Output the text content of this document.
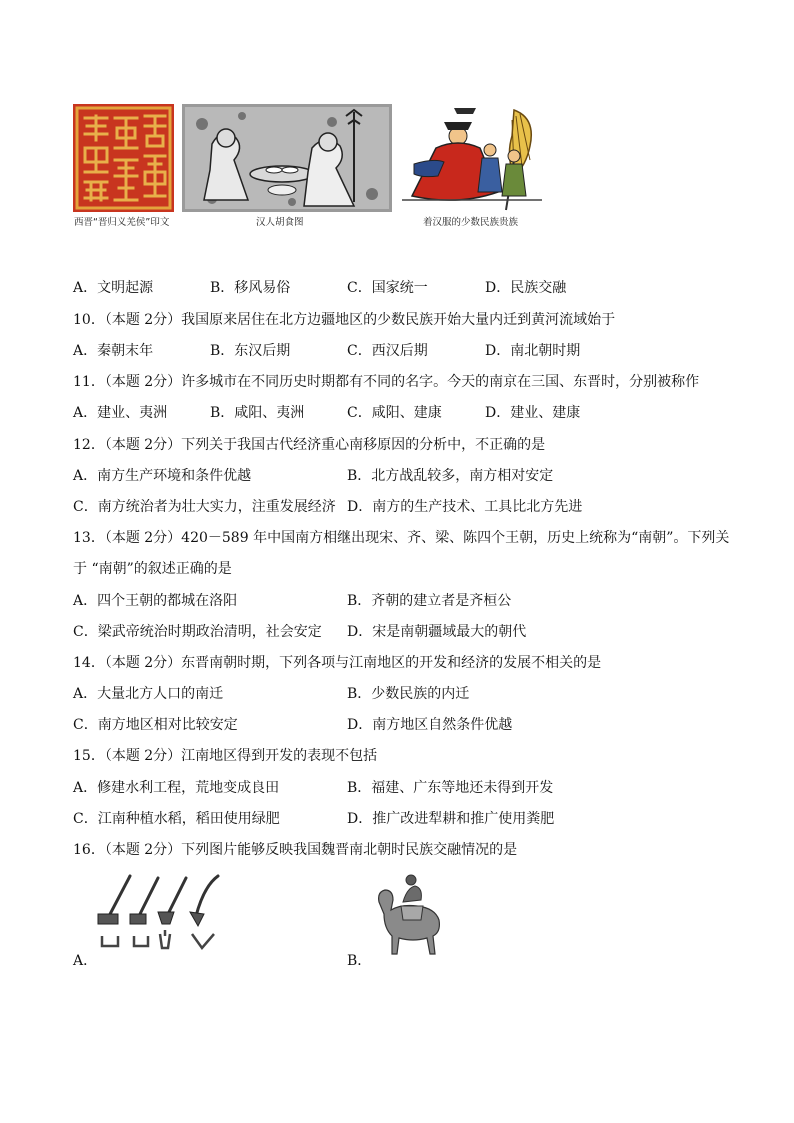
西晋“晋归义羌侯”印文	汉人胡食图	着汉服的少数民族贵族
A．文明起源	B．移风易俗	C．国家统一	D．民族交融
10．（本题 2分）我国原来居住在北方边疆地区的少数民族开始大量内迁到黄河流域始于
A．秦朝末年	B．东汉后期	C．西汉后期	D．南北朝时期
11．（本题 2分）许多城市在不同历史时期都有不同的名字。今天的南京在三国、东晋时，分别被称作
A．建业、夷洲	B．咸阳、夷洲	C．咸阳、建康	D．建业、建康
12．（本题 2分）下列关于我国古代经济重心南移原因的分析中，不正确的是
A．南方生产环境和条件优越	B．北方战乱较多，南方相对安定
C．南方统治者为壮大实力，注重发展经济 D．南方的生产技术、工具比北方先进
13．（本题 2分）420－589 年中国南方相继出现宋、齐、梁、陈四个王朝，历史上统称为“南朝”。下列关
于 “南朝”的叙述正确的是
A．四个王朝的都城在洛阳	B．齐朝的建立者是齐桓公
C．梁武帝统治时期政治清明，社会安定 D．宋是南朝疆域最大的朝代
14．（本题 2分）东晋南朝时期，下列各项与江南地区的开发和经济的发展不相关的是
A．大量北方人口的南迁	B．少数民族的内迁
C．南方地区相对比较安定	D．南方地区自然条件优越
15．（本题 2分）江南地区得到开发的表现不包括
A．修建水利工程，荒地变成良田	B．福建、广东等地还未得到开发
C．江南种植水稻，稻田使用绿肥	D．推广改进犁耕和推广使用粪肥
16．（本题 2分）下列图片能够反映我国魏晋南北朝时民族交融情况的是
A．	B．
